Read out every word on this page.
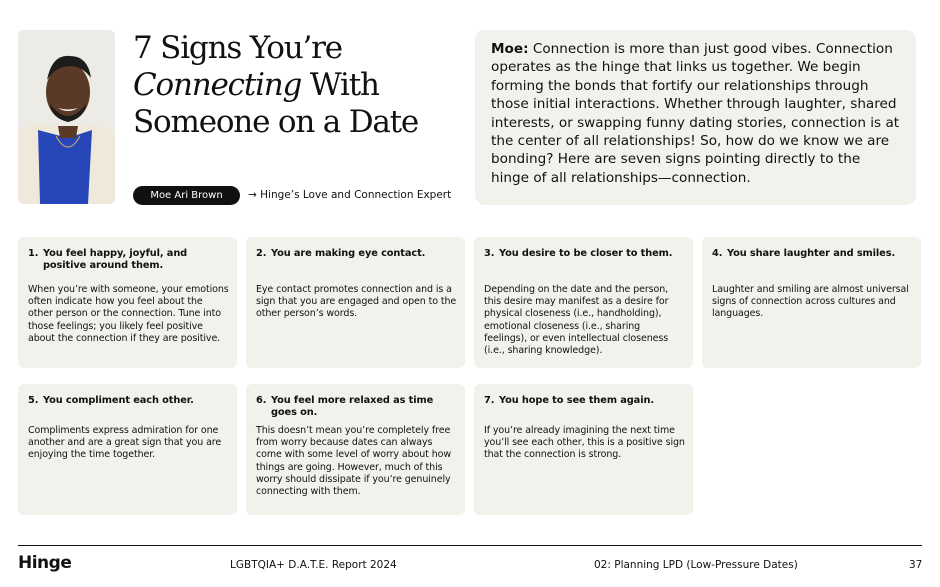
7 Signs You’re
Connecting With
Someone on a Date
Moe Ari Brown	→ Hinge’s Love and Connection Expert
Moe: Connection is more than just good vibes. Connection operates as the hinge that links us together. We begin forming the bonds that fortify our relationships through those initial interactions. Whether through laughter, shared interests, or swapping funny dating stories, connection is at the center of all relationships! So, how do we know we are bonding? Here are seven signs pointing directly to the hinge of all relationships—connection.
1. You feel happy, joyful, and positive around them.

When you’re with someone, your emotions often indicate how you feel about the other person or the connection. Tune into those feelings; you likely feel positive about the connection if they are positive.

2. You are making eye contact.

Eye contact promotes connection and is a sign that you are engaged and open to the other person’s words.

3. You desire to be closer to them.

Depending on the date and the person, this desire may manifest as a desire for physical closeness (i.e., handholding), emotional closeness (i.e., sharing feelings), or even intellectual closeness (i.e., sharing knowledge).

4. You share laughter and smiles.

Laughter and smiling are almost universal signs of connection across cultures and languages.

5. You compliment each other.

Compliments express admiration for one another and are a great sign that you are enjoying the time together.

6. You feel more relaxed as time goes on.

This doesn’t mean you’re completely free from worry because dates can always come with some level of worry about how things are going. However, much of this worry should dissipate if you’re genuinely connecting with them.

7. You hope to see them again.

If you’re already imagining the next time you’ll see each other, this is a positive sign that the connection is strong.

Hinge	LGBTQIA+ D.A.T.E. Report 2024	02: Planning LPD (Low-Pressure Dates)	37
